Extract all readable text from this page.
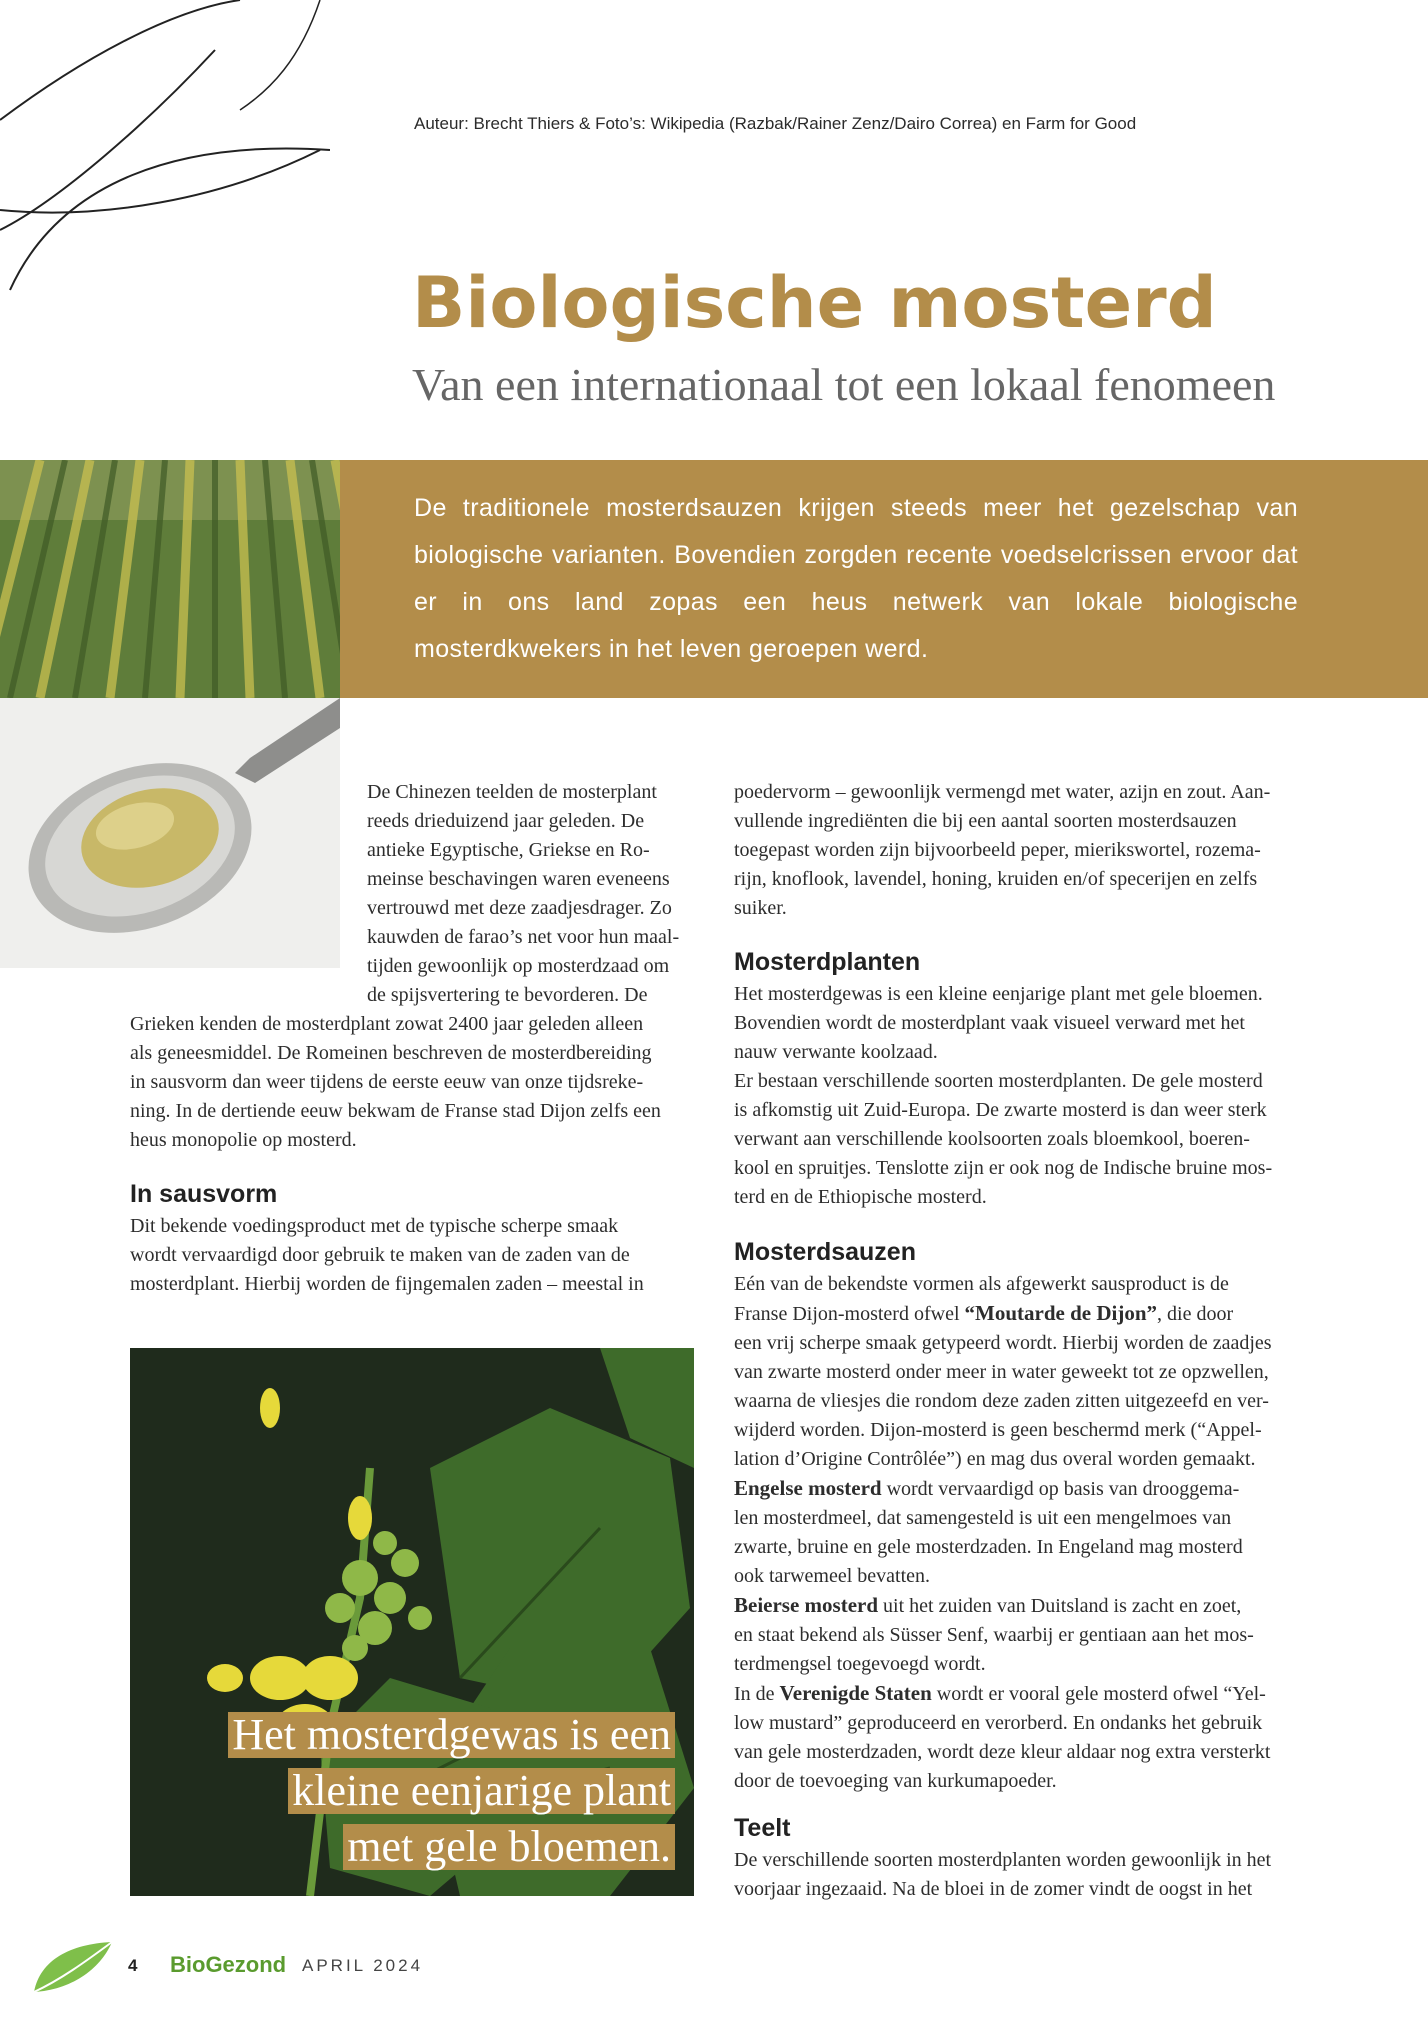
Auteur: Brecht Thiers & Foto’s: Wikipedia (Razbak/Rainer Zenz/Dairo Correa) en Farm for Good
Biologische mosterd
Van een internationaal tot een lokaal fenomeen
De traditionele mosterdsauzen krijgen steeds meer het gezelschap van biologische varianten. Bovendien zorgden recente voedselcrissen ervoor dat er in ons land zopas een heus netwerk van lokale biologische mosterdkwekers in het leven geroepen werd.
De Chinezen teelden de mosterplant
reeds drieduizend jaar geleden. De
antieke Egyptische, Griekse en Ro-
meinse beschavingen waren eveneens
vertrouwd met deze zaadjesdrager. Zo
kauwden de farao’s net voor hun maal-
tijden gewoonlijk op mosterdzaad om
de spijsvertering te bevorderen. De
Grieken kenden de mosterdplant zowat 2400 jaar geleden alleen
als geneesmiddel. De Romeinen beschreven de mosterdbereiding
in sausvorm dan weer tijdens de eerste eeuw van onze tijdsreke-
ning. In de dertiende eeuw bekwam de Franse stad Dijon zelfs een
heus monopolie op mosterd.
In sausvorm
Dit bekende voedingsproduct met de typische scherpe smaak
wordt vervaardigd door gebruik te maken van de zaden van de
mosterdplant. Hierbij worden de fijngemalen zaden – meestal in
Het mosterdgewas is een
kleine eenjarige plant
met gele bloemen.
poedervorm – gewoonlijk vermengd met water, azijn en zout. Aan-
vullende ingrediënten die bij een aantal soorten mosterdsauzen
toegepast worden zijn bijvoorbeeld peper, mierikswortel, rozema-
rijn, knoflook, lavendel, honing, kruiden en/of specerijen en zelfs
suiker.
Mosterdplanten
Het mosterdgewas is een kleine eenjarige plant met gele bloemen.
Bovendien wordt de mosterdplant vaak visueel verward met het
nauw verwante koolzaad.
Er bestaan verschillende soorten mosterdplanten. De gele mosterd
is afkomstig uit Zuid-Europa. De zwarte mosterd is dan weer sterk
verwant aan verschillende koolsoorten zoals bloemkool, boeren-
kool en spruitjes. Tenslotte zijn er ook nog de Indische bruine mos-
terd en de Ethiopische mosterd.
Mosterdsauzen
Eén van de bekendste vormen als afgewerkt sausproduct is de
Franse Dijon-mosterd ofwel “Moutarde de Dijon”, die door
een vrij scherpe smaak getypeerd wordt. Hierbij worden de zaadjes
van zwarte mosterd onder meer in water geweekt tot ze opzwellen,
waarna de vliesjes die rondom deze zaden zitten uitgezeefd en ver-
wijderd worden. Dijon-mosterd is geen beschermd merk (“Appel-
lation d’Origine Contrôlée”) en mag dus overal worden gemaakt.
Engelse mosterd wordt vervaardigd op basis van drooggema-
len mosterdmeel, dat samengesteld is uit een mengelmoes van
zwarte, bruine en gele mosterdzaden. In Engeland mag mosterd
ook tarwemeel bevatten.
Beierse mosterd uit het zuiden van Duitsland is zacht en zoet,
en staat bekend als Süsser Senf, waarbij er gentiaan aan het mos-
terdmengsel toegevoegd wordt.
In de Verenigde Staten wordt er vooral gele mosterd ofwel “Yel-
low mustard” geproduceerd en verorberd. En ondanks het gebruik
van gele mosterdzaden, wordt deze kleur aldaar nog extra versterkt
door de toevoeging van kurkumapoeder.
Teelt
De verschillende soorten mosterdplanten worden gewoonlijk in het
voorjaar ingezaaid. Na de bloei in de zomer vindt de oogst in het
4 BioGezond APRIL 2024
